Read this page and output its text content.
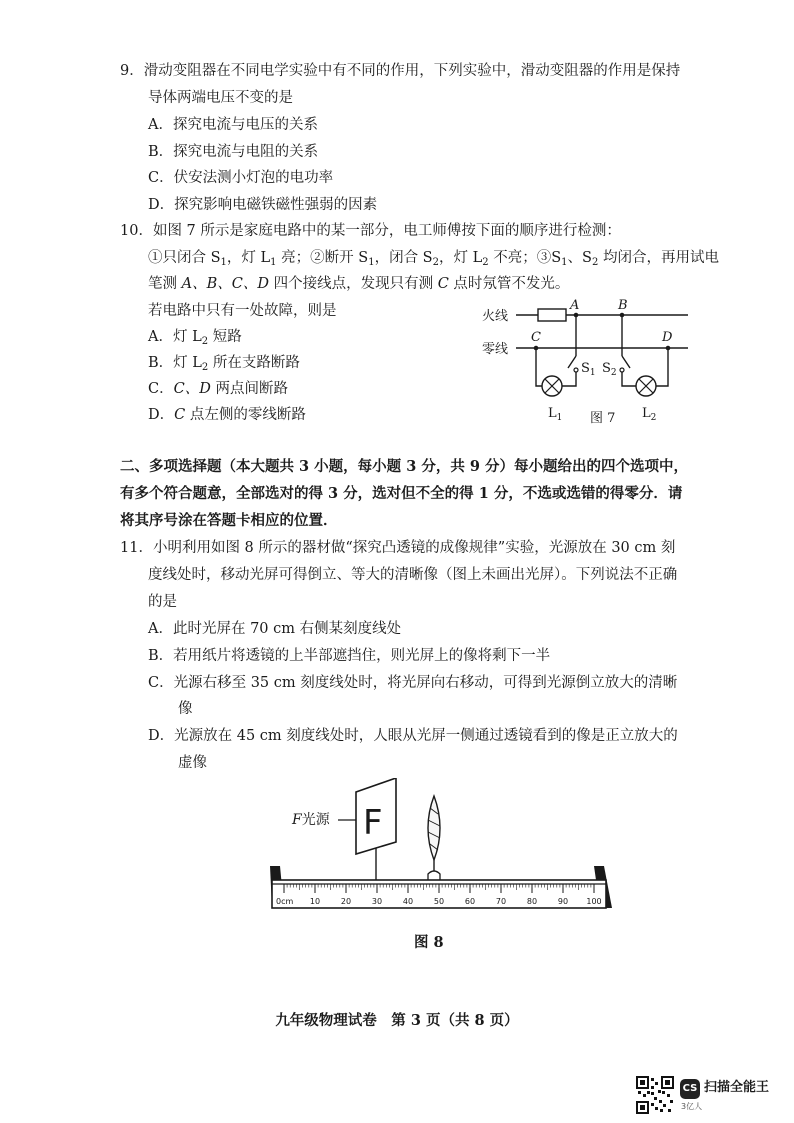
9．滑动变阻器在不同电学实验中有不同的作用，下列实验中，滑动变阻器的作用是保持
导体两端电压不变的是
A．探究电流与电压的关系
B．探究电流与电阻的关系
C．伏安法测小灯泡的电功率
D．探究影响电磁铁磁性强弱的因素
10．如图 7 所示是家庭电路中的某一部分，电工师傅按下面的顺序进行检测：
①只闭合 $S_1$，灯 $L_1$ 亮；②断开 $S_1$，闭合 $S_2$，灯 $L_2$ 不亮；$③S_1$、$S_2$ 均闭合，再用试电
笔测 A、B、C、D 四个接线点，发现只有测 C 点时氖管不发光。
若电路中只有一处故障，则是
A．灯 $L_2$ 短路
B．灯 $L_2$ 所在支路断路
C．C、D 两点间断路
D．C 点左侧的零线断路
火线
零线
A	B
C	D
$S_1$ $S_2$
$L_1$	$L_2$
图 7
二、多项选择题（本大题共 3 小题，每小题 3 分，共 9 分）每小题给出的四个选项中，
有多个符合题意，全部选对的得 3 分，选对但不全的得 1 分，不选或选错的得零分．请
将其序号涂在答题卡相应的位置．
11．小明利用如图 8 所示的器材做“探究凸透镜的成像规律”实验，光源放在 30 cm 刻
度线处时，移动光屏可得倒立、等大的清晰像（图上未画出光屏）。下列说法不正确
的是
A．此时光屏在 70 cm 右侧某刻度线处
B．若用纸片将透镜的上半部遮挡住，则光屏上的像将剩下一半
C．光源右移至 35 cm 刻度线处时，将光屏向右移动，可得到光源倒立放大的清晰
像
D．光源放在 45 cm 刻度线处时，人眼从光屏一侧通过透镜看到的像是正立放大的
虚像
F光源 F
0cm 10	20	30	40	50	60	70	80	90 100
图 8
九年级物理试卷　第 3 页（共 8 页）
CS 扫描全能王
3亿人
